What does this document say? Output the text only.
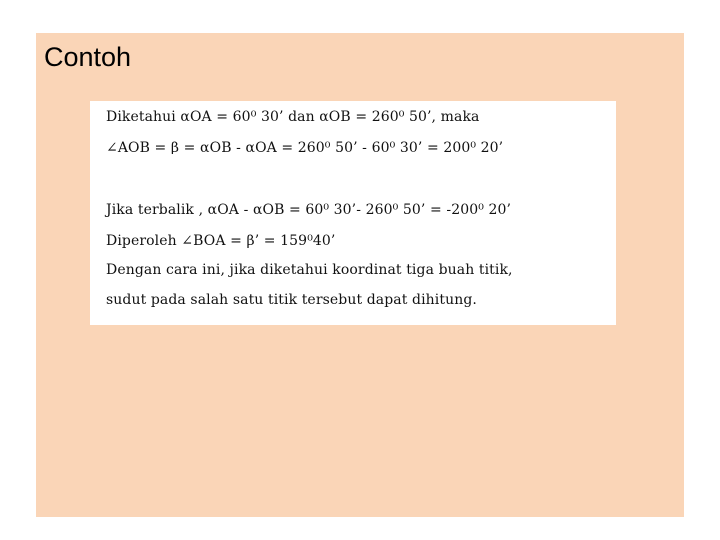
Contoh
Diketahui αOA = 60⁰ 30’ dan αOB = 260⁰ 50’, maka
∠AOB = β = αOB - αOA = 260⁰ 50’ - 60⁰ 30’ = 200⁰ 20’
Jika terbalik , αOA - αOB = 60⁰ 30’- 260⁰ 50’ = -200⁰ 20’
Diperoleh ∠BOA = β’ = 159⁰40’
Dengan cara ini, jika diketahui koordinat tiga buah titik,
sudut pada salah satu titik tersebut dapat dihitung.
